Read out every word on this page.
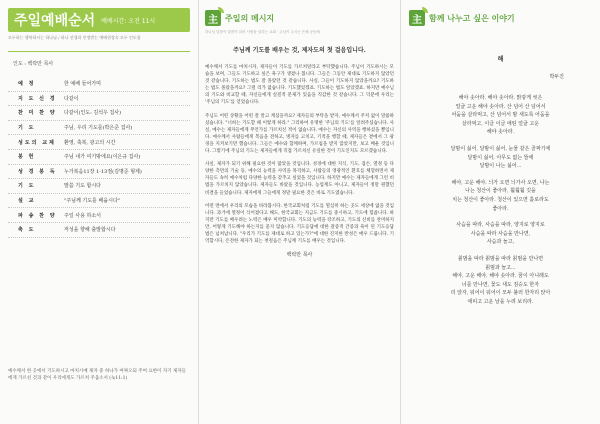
주일예배순서 예배시간: 오전 11시
모두하는 행복하시는 하나님 / 하나 선생과 인정받는 예배현장속 모두 인도함
인도 : 백락만 목사
예 정	한 예배 들어가며
지 도 신 경	다같이
찬 미 찬 양	다같이(인도: 김석우 집사)
기 도	주님, 우리 기도를(박은준 집사)
성도의 교제	환영, 축복, 광고의 시간
봉 헌	주님 내가 여기밖에요(이은규 집사)
성 경 봉 독	누가복음11장 1-13절(김명준 형제)
기 도	말씀 기도 합시다
설 교	"주님께 기도를 배웁시다"
파 송 찬 양	주일 사용 하소서
축 도	저성을 향해 출발합시다
예수께서 한 곳에서 기도하시고 마치시매 제자 중 하나가 여짜오되 주여 요한이 자기 제자들에게 가르친 것과 같이 우리에게도 가르쳐 주옵소서 (눅11:1)
主 주일의 메시지
하나님 말씀이 말씀이 되어 사람을 살리는 교회 · 주님이 주시는 은혜 공동체
주님께 기도를 배우는 것, 제자도의 첫 걸음입니다.

예수께서 기도를 마치시자, 제자들이 기도를 가르쳐달라고 부탁했습니다. 주님이 기도하시는 모습을 보며, 그들도 기도하고 싶은 욕구가 생겼나 봅니다. 그들은 그동안 제대로 기도하지 않았던 것 같습니다. 기도하는 법도 잘 몰랐던 것 같습니다. 사실, 그들이 기도하지 않았을까요? 기도하는 법도 몰랐을까요? 그럴 리가 없습니다. 기도했었겠죠. 기도하는 법도 알았겠죠. 하지만 예수님의 기도와 비교할 때, 자신들에게 실질적 문제가 있음을 직감한 것 같습니다. 그 덕분에 우리는 '주님의 기도'를 얻었습니다.

주님도 어떤 상황을 어떤 잘 알고 계셨을까요? 제자들의 부탁을 받자, 예수께서 주저 없이 말씀하셨습니다. "너희는 기도할 때 이렇게 하라." 그리하여 유명한 '주님의 기도'를 알려주셨습니다. 사실, 예수는 제자들에게 무언가를 가르치신 적이 없습니다. 예수는 자신의 사역을 행하셨을 뿐입니다. 예수께서 사람들에게 복음을 전하고, 병자를 고치고, 기적을 행할 때, 제자들은 곁에서 그 광경을 지켜보기만 했습니다. 그들은 예수와 함께하며, 가르침을 받지 않았지만, 보고 배운 것입니다. 그렇기에 주님의 기도는 제자들에게 직접 가르치신 유일한 것이 기도인지도 모르겠습니다.

사실, 제자가 되기 위해 필요한 것이 많았을 것입니다. 성경에 대한 지식, 기도, 겸손, 열정 등 다양한 측면의 기술 등, 예수의 능력을 사역을 목격하고, 사람들의 영광적인 환호를 체험하면서 제자들도 속히 예수처럼 다양한 능력을 갖추고 싶었을 것입니다. 하지만 예수는 제자들에게 그런 비법을 가르치지 않았습니다. 제자들도 바랐을 것입니다. 농업계도 아니고, 제자들이 정말 원했던 비결을 들었습니다. 제자에게 그들에게 정말 필요한 것은 바로 기도였습니다.

어떤 면에서 우리의 모습을 바라봅시다. 한국교회처럼 기도를 열심히 하는 곳도 세상에 없을 것입니다. 과거에 열정이 식어졌다고 해도, 한국교회는 지금도 기도를 중시하고, 기도에 힘씁니다. 하지만 기도를 배우려는 노력은 배우 미약합니다. 기도의 능력을 강조하고, 기도의 신비를 찬미하지만, 어떻게 기도해야 하는지를 묻지 않습니다. 기도응답에 대한 갈증적 간증과 욕이 된 기도응답법은 넘쳐납니다. "우리가 기도를 제대로 하고 있는가?"에 대한 진지한 반성은 매우 드뭅니다. 기억합시다, 온전한 제자가 되는 첫걸음은 주님께 기도를 배우는 것입니다.

백락만 목사
主 함께 나누고 싶은 이야기
해
박두진
해야 솟아라. 해야 솟아라. 맑갛게 씻은
얼굴 고운 해야 솟아라. 산 넘어 산 넘어서
어둠을 살라먹고, 산 넘어서 밤 새도록 어둠을
살라먹고, 이글 이글 애띤 얼굴 고운
해야 솟아라.
달밤이 싫어, 달밤이 싫어, 눈물 같은 골짜기에
달밤이 싫어, 아무도 없는 뜰에
달밤이 나는 싫어...
해야, 고운 해야. 늬가 오면 늬가사 오면, 나는
나는 청산이 좋아라, 훨훨훨 깃을
치는 청산이 좋아라. 청산이 있으면 홀로라도
좋아라.
사슴을 따라, 사슴을 따라, 양지로 양지로
사슴을 따라 사슴을 만나면,
사슴과 놀고,
칡범을 따라 칡범을 따라 칡범을 만나면
칡범과 놀고...
해야, 고운 해야, 해야 솟아라. 꿈이 아니래도
너를 만나면, 꽃도 새도 짐승도 한자
리 앉자, 워어이 워어이 모두 불러 한자리 앉아
애띠고 고운 날을 누려 보리라.
